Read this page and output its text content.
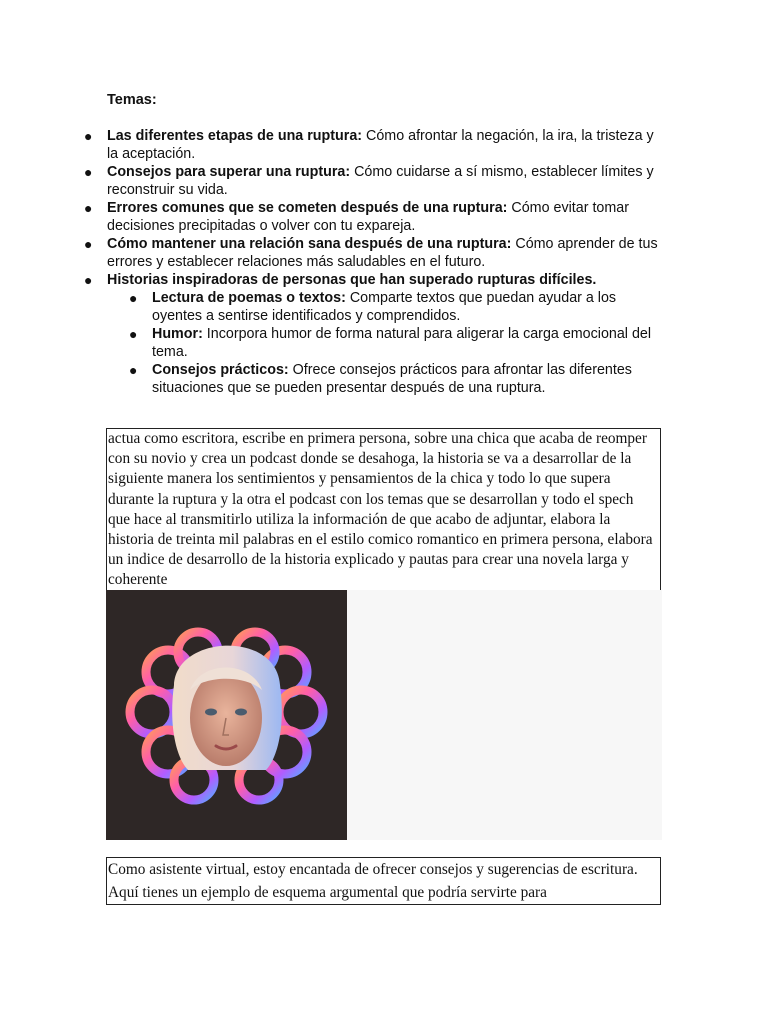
Temas:
● Las diferentes etapas de una ruptura: Cómo afrontar la negación, la ira, la tristeza y la aceptación.
● Consejos para superar una ruptura: Cómo cuidarse a sí mismo, establecer límites y reconstruir su vida.
● Errores comunes que se cometen después de una ruptura: Cómo evitar tomar decisiones precipitadas o volver con tu expareja.
● Cómo mantener una relación sana después de una ruptura: Cómo aprender de tus errores y establecer relaciones más saludables en el futuro.
● Historias inspiradoras de personas que han superado rupturas difíciles.
● Lectura de poemas o textos: Comparte textos que puedan ayudar a los oyentes a sentirse identificados y comprendidos.
● Humor: Incorpora humor de forma natural para aligerar la carga emocional del tema.
● Consejos prácticos: Ofrece consejos prácticos para afrontar las diferentes situaciones que se pueden presentar después de una ruptura.
actua como escritora, escribe en primera persona, sobre una chica que acaba de reomper con su novio y crea un podcast donde se desahoga, la historia se va a desarrollar de la siguiente manera los sentimientos y pensamientos de la chica y todo lo que supera durante la ruptura y la otra el podcast con los temas que se desarrollan y todo el spech que hace al transmitirlo utiliza la información de que acabo de adjuntar, elabora la historia de treinta mil palabras en el estilo comico romantico en primera persona, elabora un indice de desarrollo de la historia explicado y pautas para crear una novela larga y coherente
Como asistente virtual, estoy encantada de ofrecer consejos y sugerencias de escritura. Aquí tienes un ejemplo de esquema argumental que podría servirte para
